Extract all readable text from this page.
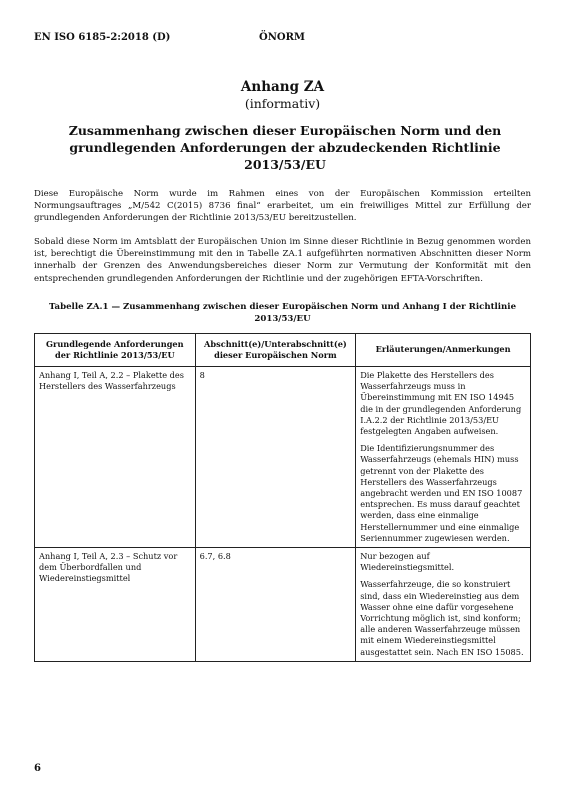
EN ISO 6185-2:2018 (D)	ÖNORM
Anhang ZA
(informativ)
Zusammenhang zwischen dieser Europäischen Norm und den grundlegenden Anforderungen der abzudeckenden Richtlinie 2013/53/EU

Diese Europäische Norm wurde im Rahmen eines von der Europäischen Kommission erteilten Normungsauftrages „M/542 C(2015) 8736 final“ erarbeitet, um ein freiwilliges Mittel zur Erfüllung der grundlegenden Anforderungen der Richtlinie 2013/53/EU bereitzustellen.

Sobald diese Norm im Amtsblatt der Europäischen Union im Sinne dieser Richtlinie in Bezug genommen worden ist, berechtigt die Übereinstimmung mit den in Tabelle ZA.1 aufgeführten normativen Abschnitten dieser Norm innerhalb der Grenzen des Anwendungsbereiches dieser Norm zur Vermutung der Konformität mit den entsprechenden grundlegenden Anforderungen der Richtlinie und der zugehörigen EFTA-Vorschriften.

Tabelle ZA.1 — Zusammenhang zwischen dieser Europäischen Norm und Anhang I der Richtlinie 2013/53/EU
Grundlegende Anforderungen der Richtlinie 2013/53/EU	Abschnitt(e)/Unterabschnitt(e) dieser Europäischen Norm	Erläuterungen/Anmerkungen
Anhang I, Teil A, 2.2 – Plakette des Herstellers des Wasserfahrzeugs	8	Die Plakette des Herstellers des Wasserfahrzeugs muss in Übereinstimmung mit EN ISO 14945 die in der grundlegenden Anforderung I.A.2.2 der Richtlinie 2013/53/EU festgelegten Angaben aufweisen.
Die Identifizierungsnummer des Wasserfahrzeugs (ehemals HIN) muss getrennt von der Plakette des Herstellers des Wasserfahrzeugs angebracht werden und EN ISO 10087 entsprechen. Es muss darauf geachtet werden, dass eine einmalige Herstellernummer und eine einmalige Seriennummer zugewiesen werden.

Anhang I, Teil A, 2.3 – Schutz vor dem Überbordfallen und Wiedereinstiegsmittel	6.7, 6.8	Nur bezogen auf Wiedereinstiegsmittel.
Wasserfahrzeuge, die so konstruiert sind, dass ein Wiedereinstieg aus dem Wasser ohne eine dafür vorgesehene Vorrichtung möglich ist, sind konform; alle anderen Wasserfahrzeuge müssen mit einem Wiedereinstiegsmittel ausgestattet sein. Nach EN ISO 15085.
6
